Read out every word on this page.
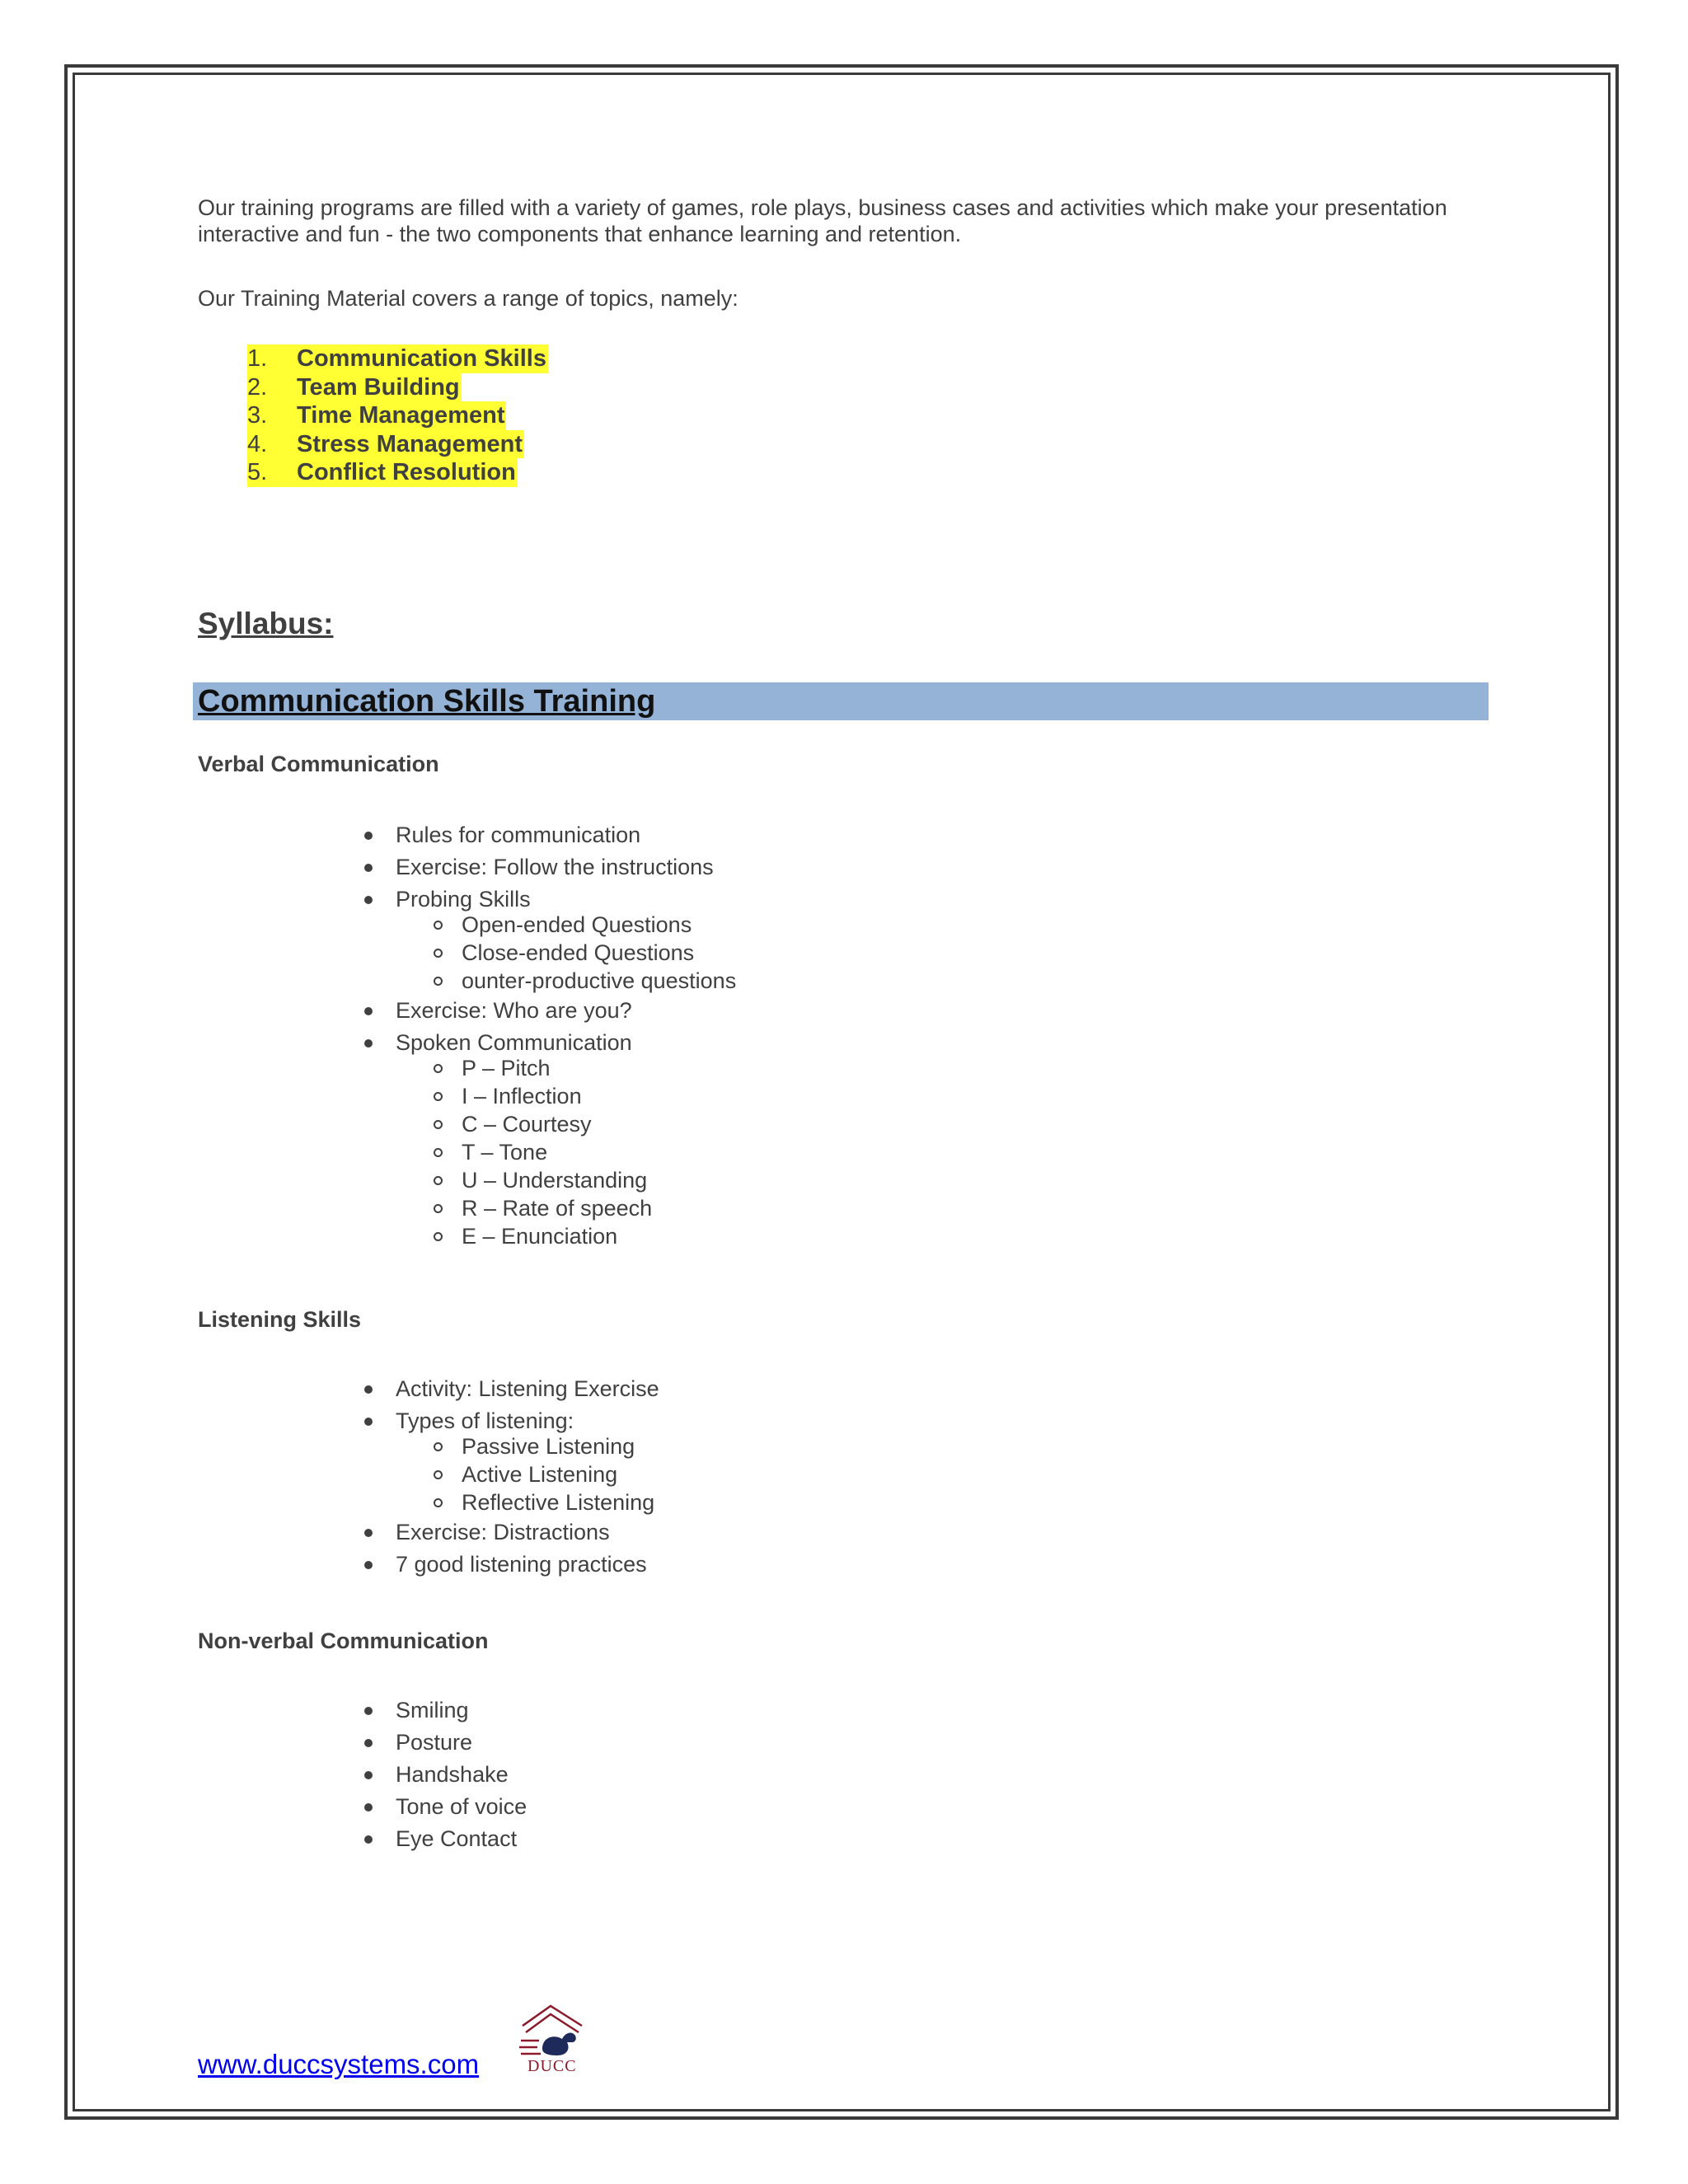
Our training programs are filled with a variety of games, role plays, business cases and activities which make your presentation interactive and fun - the two components that enhance learning and retention.

Our Training Material covers a range of topics, namely:

1. Communication Skills
2. Team Building
3. Time Management
4. Stress Management
5. Conflict Resolution
Syllabus:
Communication Skills Training
Verbal Communication
Rules for communication
Exercise: Follow the instructions
Probing Skills
Open-ended Questions
Close-ended Questions
ounter-productive questions
Exercise: Who are you?
Spoken Communication
P – Pitch
I – Inflection
C – Courtesy
T – Tone
U – Understanding
R – Rate of speech
E – Enunciation
Listening Skills
Activity: Listening Exercise
Types of listening:
Passive Listening
Active Listening
Reflective Listening
Exercise: Distractions
7 good listening practices
Non-verbal Communication
Smiling
Posture
Handshake
Tone of voice
Eye Contact
www.duccsystems.com	DUCC
